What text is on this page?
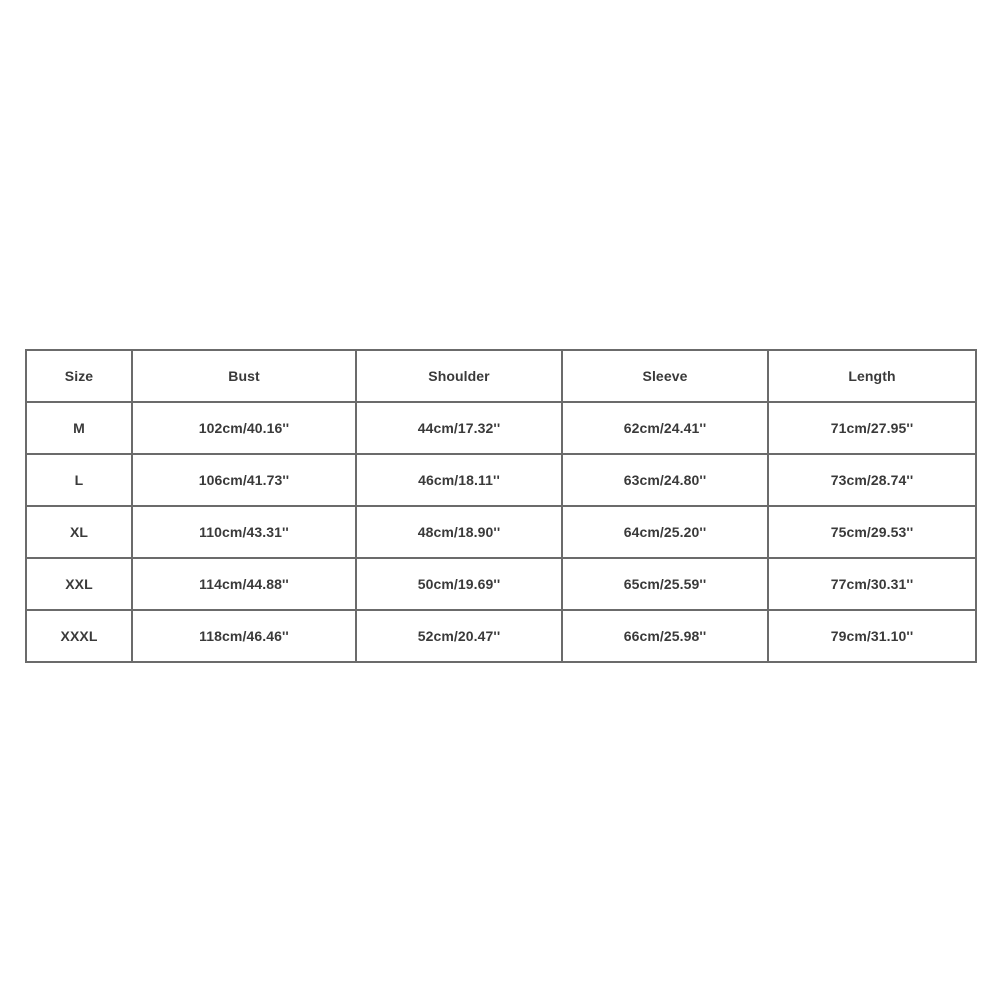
Size	Bust	Shoulder	Sleeve	Length
M	102cm/40.16''	44cm/17.32''	62cm/24.41''	71cm/27.95''
L	106cm/41.73''	46cm/18.11''	63cm/24.80''	73cm/28.74''
XL	110cm/43.31''	48cm/18.90''	64cm/25.20''	75cm/29.53''
XXL	114cm/44.88''	50cm/19.69''	65cm/25.59''	77cm/30.31''
XXXL	118cm/46.46''	52cm/20.47''	66cm/25.98''	79cm/31.10''
